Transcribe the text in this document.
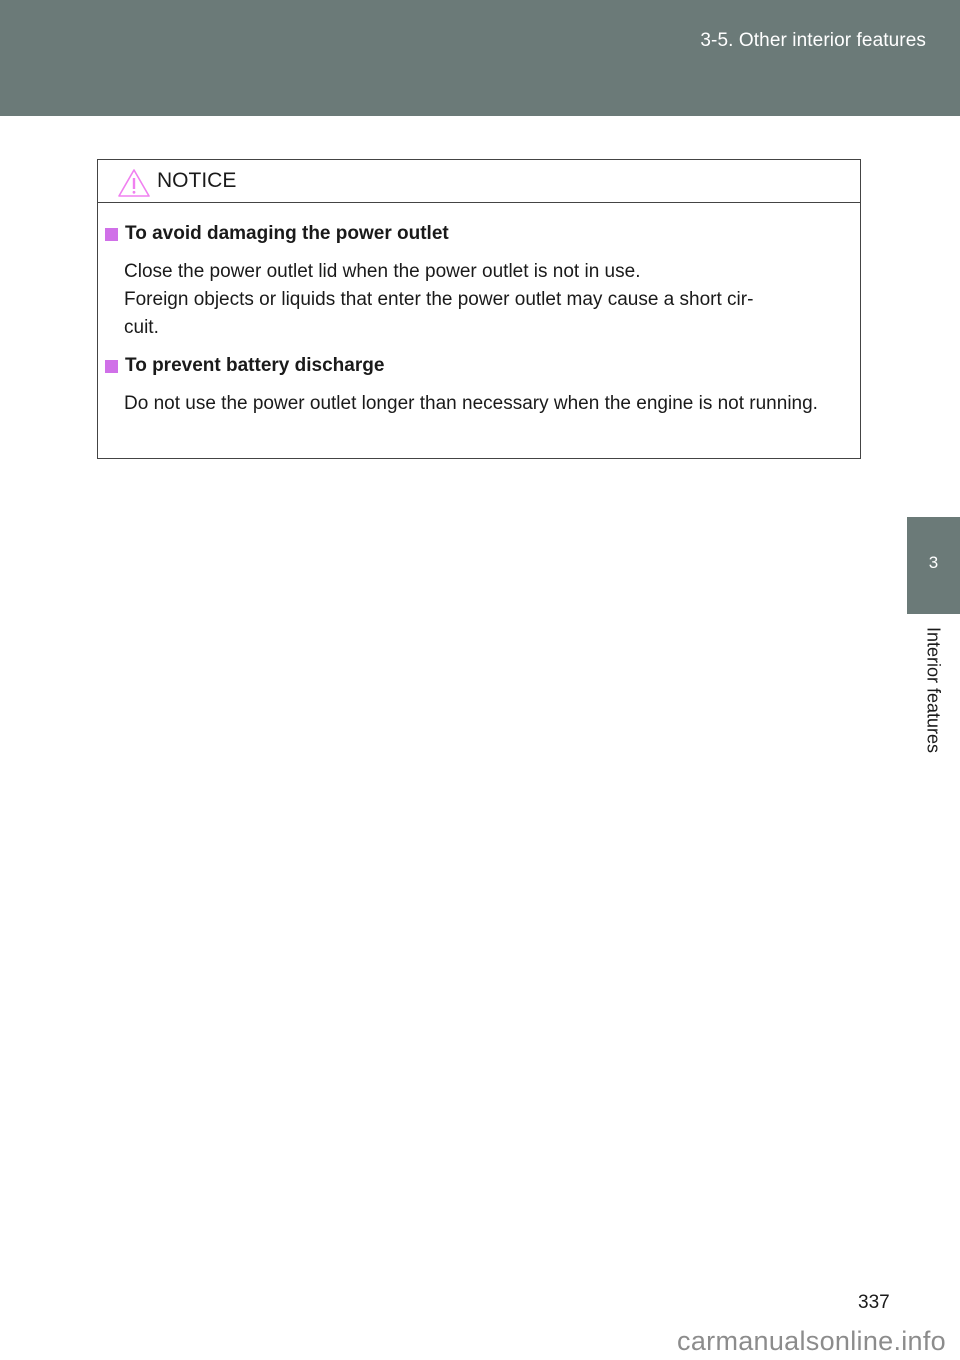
3-5. Other interior features
3
Interior features
NOTICE
To avoid damaging the power outlet
Close the power outlet lid when the power outlet is not in use.
Foreign objects or liquids that enter the power outlet may cause a short cir-
cuit.
To prevent battery discharge
Do not use the power outlet longer than necessary when the engine is not running.
337
carmanualsonline.info
